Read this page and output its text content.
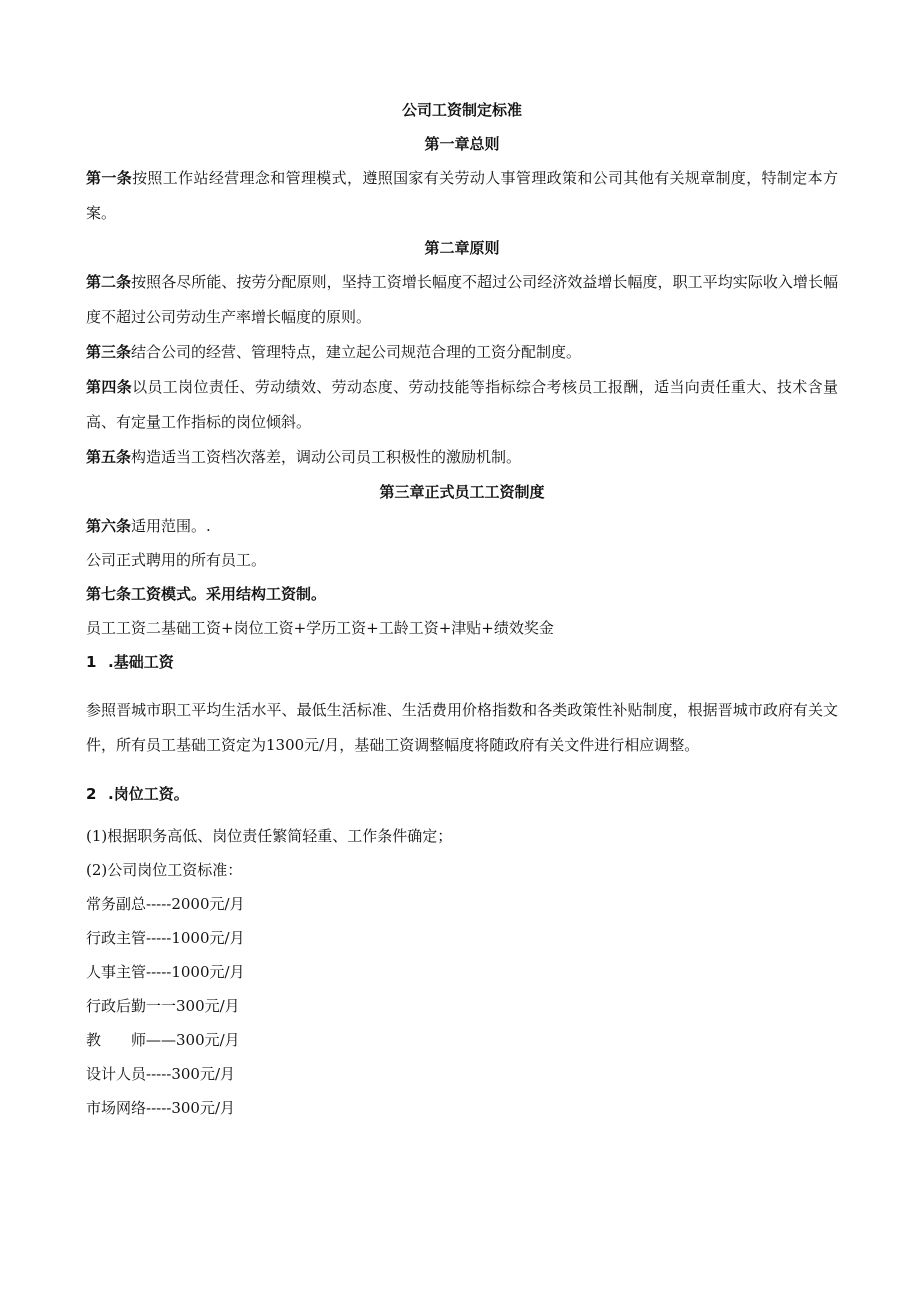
公司工资制定标准
第一章总则
第一条按照工作站经营理念和管理模式，遵照国家有关劳动人事管理政策和公司其他有关规章制度，特制定本方案。
第二章原则
第二条按照各尽所能、按劳分配原则，坚持工资增长幅度不超过公司经济效益增长幅度，职工平均实际收入增长幅度不超过公司劳动生产率增长幅度的原则。
第三条结合公司的经营、管理特点，建立起公司规范合理的工资分配制度。
第四条以员工岗位责任、劳动绩效、劳动态度、劳动技能等指标综合考核员工报酬，适当向责任重大、技术含量高、有定量工作指标的岗位倾斜。
第五条构造适当工资档次落差，调动公司员工积极性的激励机制。
第三章正式员工工资制度
第六条适用范围。.
公司正式聘用的所有员工。
第七条工资模式。采用结构工资制。
员工工资二基础工资+岗位工资+学历工资+工龄工资+津贴+绩效奖金
1 .基础工资
参照晋城市职工平均生活水平、最低生活标准、生活费用价格指数和各类政策性补贴制度，根据晋城市政府有关文件，所有员工基础工资定为1300元/月，基础工资调整幅度将随政府有关文件进行相应调整。
2 .岗位工资。
(1)根据职务高低、岗位责任繁简轻重、工作条件确定；
(2)公司岗位工资标准：
常务副总-----2000元/月
行政主管-----1000元/月
人事主管-----1000元/月
行政后勤一一300元/月
教　　师——300元/月
设计人员-----300元/月
市场网络-----300元/月
